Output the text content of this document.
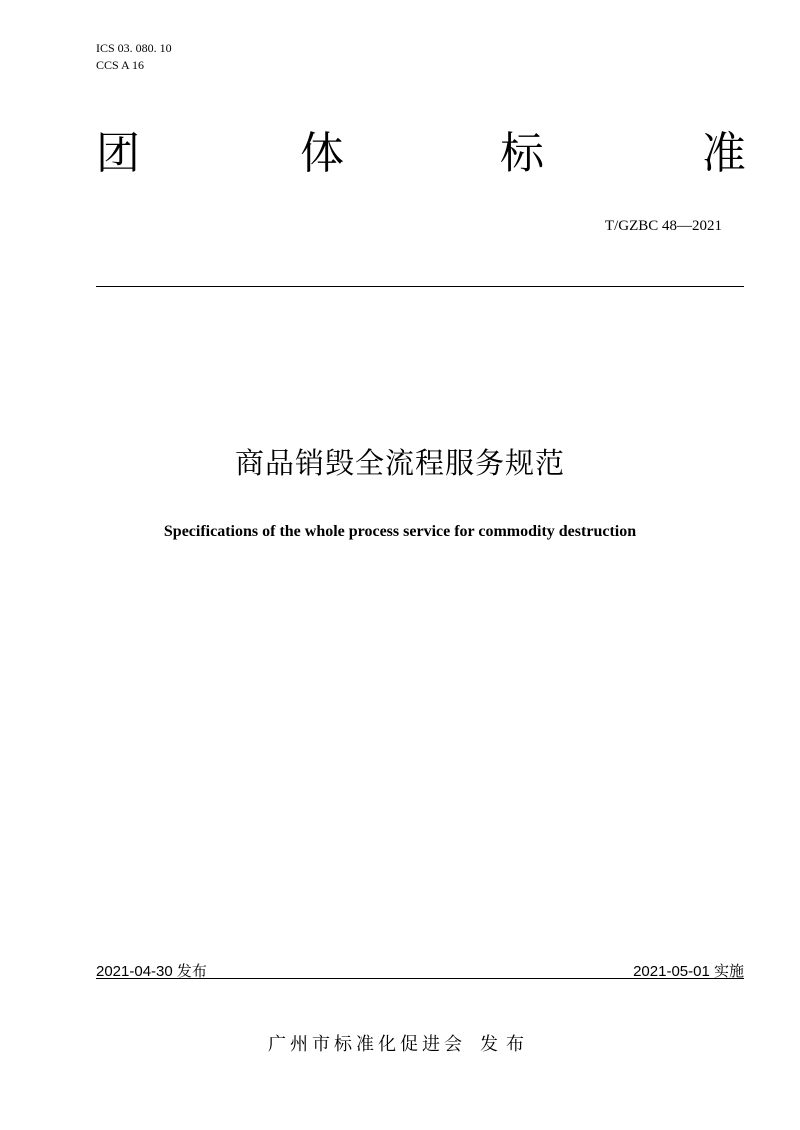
ICS 03. 080. 10
CCS A 16
团	体	标	准
T/GZBC 48—2021
商品销毁全流程服务规范
Specifications of the whole process service for commodity destruction
2021-04-30 发布	2021-05-01 实施
广州市标准化促进会 发布
